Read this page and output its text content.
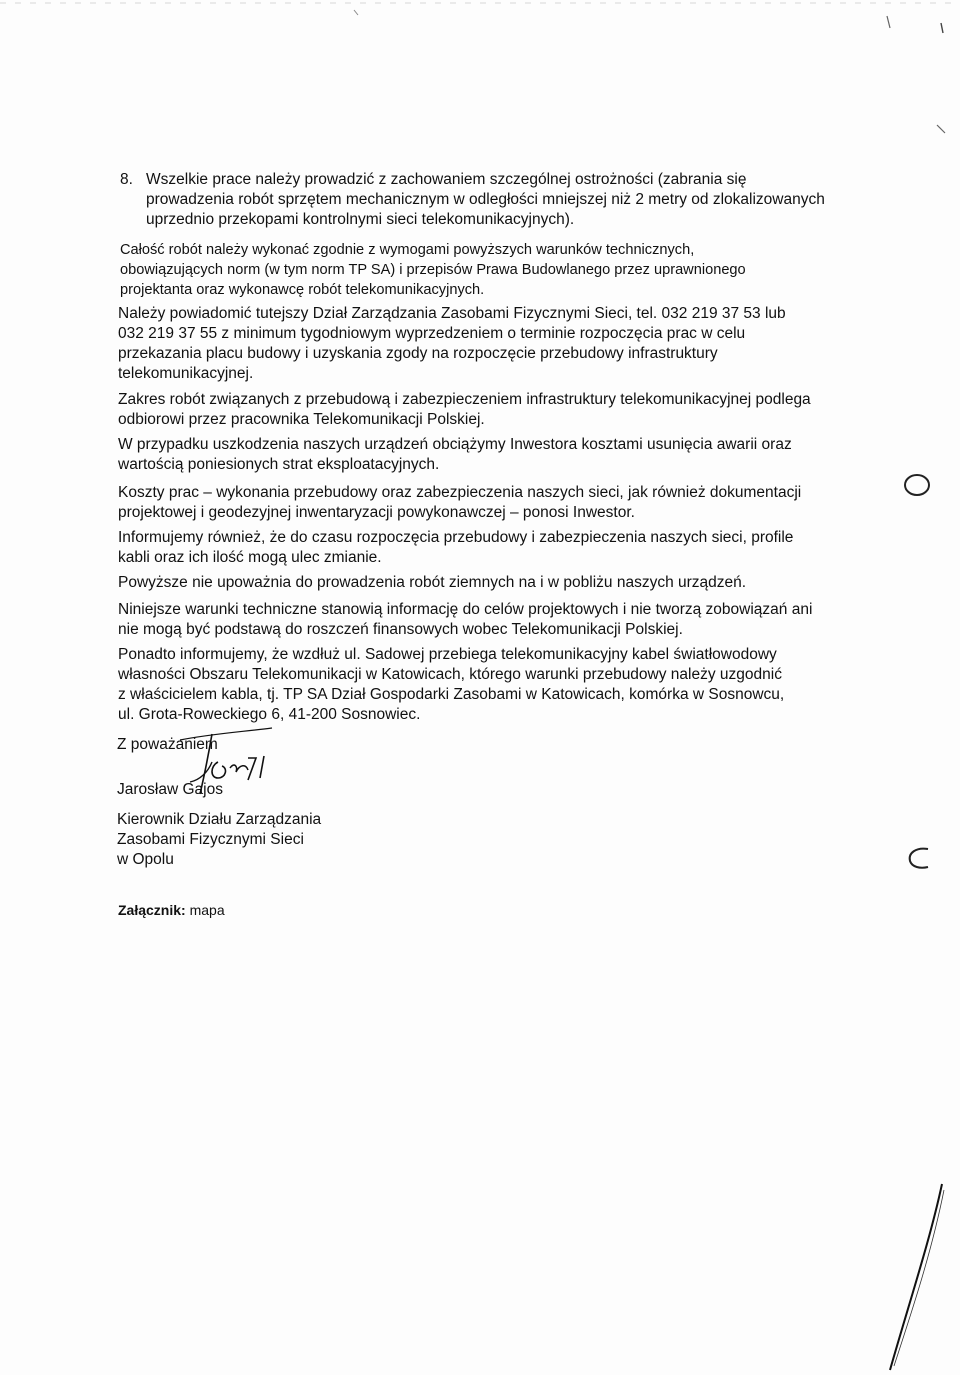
8. Wszelkie prace należy prowadzić z zachowaniem szczególnej ostrożności (zabrania się
prowadzenia robót sprzętem mechanicznym w odległości mniejszej niż 2 metry od zlokalizowanych
uprzednio przekopami kontrolnymi sieci telekomunikacyjnych).
Całość robót należy wykonać zgodnie z wymogami powyższych warunków technicznych,
obowiązujących norm (w tym norm TP SA) i przepisów Prawa Budowlanego przez uprawnionego
projektanta oraz wykonawcę robót telekomunikacyjnych.
Należy powiadomić tutejszy Dział Zarządzania Zasobami Fizycznymi Sieci, tel. 032 219 37 53 lub
032 219 37 55 z minimum tygodniowym wyprzedzeniem o terminie rozpoczęcia prac w celu
przekazania placu budowy i uzyskania zgody na rozpoczęcie przebudowy infrastruktury
telekomunikacyjnej.
Zakres robót związanych z przebudową i zabezpieczeniem infrastruktury telekomunikacyjnej podlega
odbiorowi przez pracownika Telekomunikacji Polskiej.
W przypadku uszkodzenia naszych urządzeń obciążymy Inwestora kosztami usunięcia awarii oraz
wartością poniesionych strat eksploatacyjnych.
Koszty prac – wykonania przebudowy oraz zabezpieczenia naszych sieci, jak również dokumentacji
projektowej i geodezyjnej inwentaryzacji powykonawczej – ponosi Inwestor.
Informujemy również, że do czasu rozpoczęcia przebudowy i zabezpieczenia naszych sieci, profile
kabli oraz ich ilość mogą ulec zmianie.
Powyższe nie upoważnia do prowadzenia robót ziemnych na i w pobliżu naszych urządzeń.
Niniejsze warunki techniczne stanowią informację do celów projektowych i nie tworzą zobowiązań ani
nie mogą być podstawą do roszczeń finansowych wobec Telekomunikacji Polskiej.
Ponadto informujemy, że wzdłuż ul. Sadowej przebiega telekomunikacyjny kabel światłowodowy
własności Obszaru Telekomunikacji w Katowicach, którego warunki przebudowy należy uzgodnić
z właścicielem kabla, tj. TP SA Dział Gospodarki Zasobami w Katowicach, komórka w Sosnowcu,
ul. Grota-Roweckiego 6, 41-200 Sosnowiec.
Z poważaniem
Jarosław Gajos
Kierownik Działu Zarządzania
Zasobami Fizycznymi Sieci
w Opolu
Załącznik: mapa
